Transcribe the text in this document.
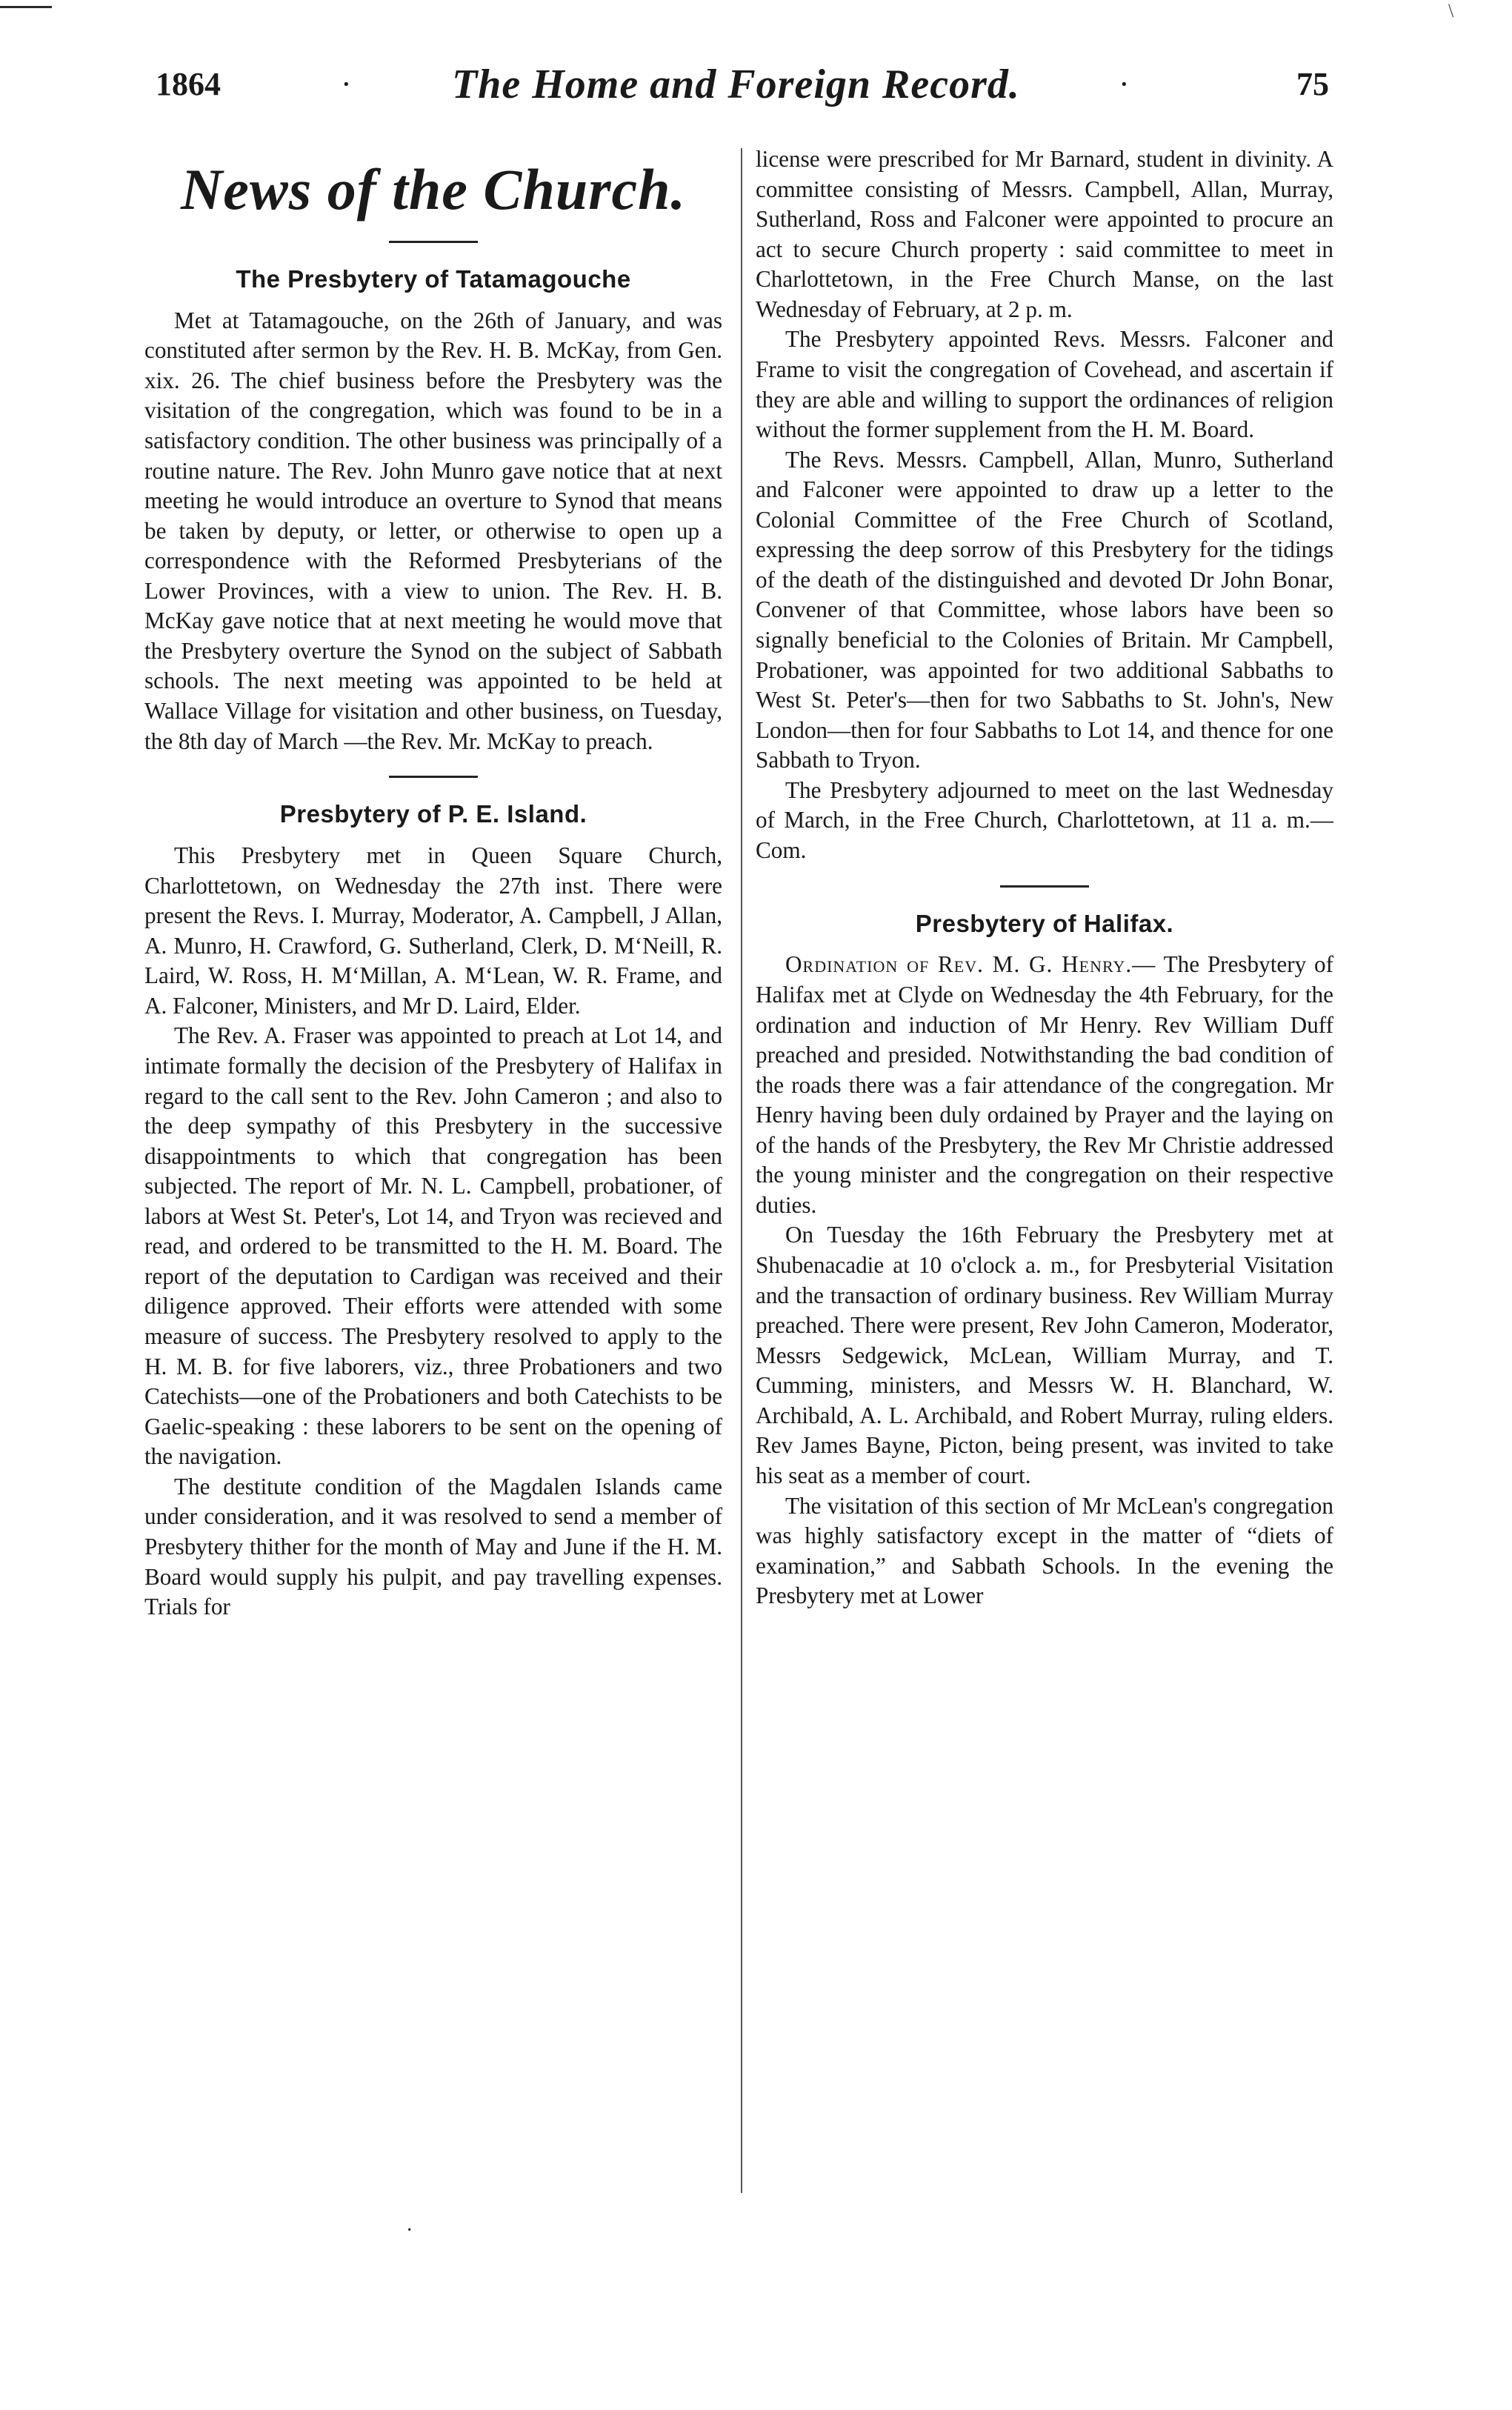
\
1864	· The Home and Foreign Record.	·	75
News of the Church.
The Presbytery of Tatamagouche

Met at Tatamagouche, on the 26th of January, and was constituted after sermon by the Rev. H. B. McKay, from Gen. xix. 26. The chief business before the Presbytery was the visitation of the congregation, which was found to be in a satisfactory condition. The other business was principally of a routine nature. The Rev. John Munro gave notice that at next meeting he would introduce an overture to Synod that means be taken by deputy, or letter, or otherwise to open up a correspondence with the Reformed Presbyterians of the Lower Provinces, with a view to union. The Rev. H. B. McKay gave notice that at next meeting he would move that the Presbytery overture the Synod on the subject of Sabbath schools. The next meeting was appointed to be held at Wallace Village for visitation and other business, on Tuesday, the 8th day of March —the Rev. Mr. McKay to preach.

Presbytery of P. E. Island.

This Presbytery met in Queen Square Church, Charlottetown, on Wednesday the 27th inst. There were present the Revs. I. Murray, Moderator, A. Campbell, J Allan, A. Munro, H. Crawford, G. Sutherland, Clerk, D. M‘Neill, R. Laird, W. Ross, H. M‘Millan, A. M‘Lean, W. R. Frame, and A. Falconer, Ministers, and Mr D. Laird, Elder.

The Rev. A. Fraser was appointed to preach at Lot 14, and intimate formally the decision of the Presbytery of Halifax in regard to the call sent to the Rev. John Cameron ; and also to the deep sympathy of this Presbytery in the successive disappointments to which that congregation has been subjected. The report of Mr. N. L. Campbell, probationer, of labors at West St. Peter's, Lot 14, and Tryon was recieved and read, and ordered to be transmitted to the H. M. Board. The report of the deputation to Cardigan was received and their diligence approved. Their efforts were attended with some measure of success. The Presbytery resolved to apply to the H. M. B. for five laborers, viz., three Probationers and two Catechists—one of the Probationers and both Catechists to be Gaelic-speaking : these laborers to be sent on the opening of the navigation.

The destitute condition of the Magdalen Islands came under consideration, and it was resolved to send a member of Presbytery thither for the month of May and June if the H. M. Board would supply his pulpit, and pay travelling expenses. Trials for

license were prescribed for Mr Barnard, student in divinity. A committee consisting of Messrs. Campbell, Allan, Murray, Sutherland, Ross and Falconer were appointed to procure an act to secure Church property : said committee to meet in Charlottetown, in the Free Church Manse, on the last Wednesday of February, at 2 p. m.

The Presbytery appointed Revs. Messrs. Falconer and Frame to visit the congregation of Covehead, and ascertain if they are able and willing to support the ordinances of religion without the former supplement from the H. M. Board.

The Revs. Messrs. Campbell, Allan, Munro, Sutherland and Falconer were appointed to draw up a letter to the Colonial Committee of the Free Church of Scotland, expressing the deep sorrow of this Presbytery for the tidings of the death of the distinguished and devoted Dr John Bonar, Convener of that Committee, whose labors have been so signally beneficial to the Colonies of Britain. Mr Campbell, Probationer, was appointed for two additional Sabbaths to West St. Peter's—then for two Sabbaths to St. John's, New London—then for four Sabbaths to Lot 14, and thence for one Sabbath to Tryon.

The Presbytery adjourned to meet on the last Wednesday of March, in the Free Church, Charlottetown, at 11 a. m.—Com.

Presbytery of Halifax.

Ordination of Rev. M. G. Henry.— The Presbytery of Halifax met at Clyde on Wednesday the 4th February, for the ordination and induction of Mr Henry. Rev William Duff preached and presided. Notwithstanding the bad condition of the roads there was a fair attendance of the congregation. Mr Henry having been duly ordained by Prayer and the laying on of the hands of the Presbytery, the Rev Mr Christie addressed the young minister and the congregation on their respective duties.

On Tuesday the 16th February the Presbytery met at Shubenacadie at 10 o'clock a. m., for Presbyterial Visitation and the transaction of ordinary business. Rev William Murray preached. There were present, Rev John Cameron, Moderator, Messrs Sedgewick, McLean, William Murray, and T. Cumming, ministers, and Messrs W. H. Blanchard, W. Archibald, A. L. Archibald, and Robert Murray, ruling elders. Rev James Bayne, Picton, being present, was invited to take his seat as a member of court.

The visitation of this section of Mr McLean's congregation was highly satisfactory except in the matter of “diets of examination,” and Sabbath Schools. In the evening the Presbytery met at Lower

·
